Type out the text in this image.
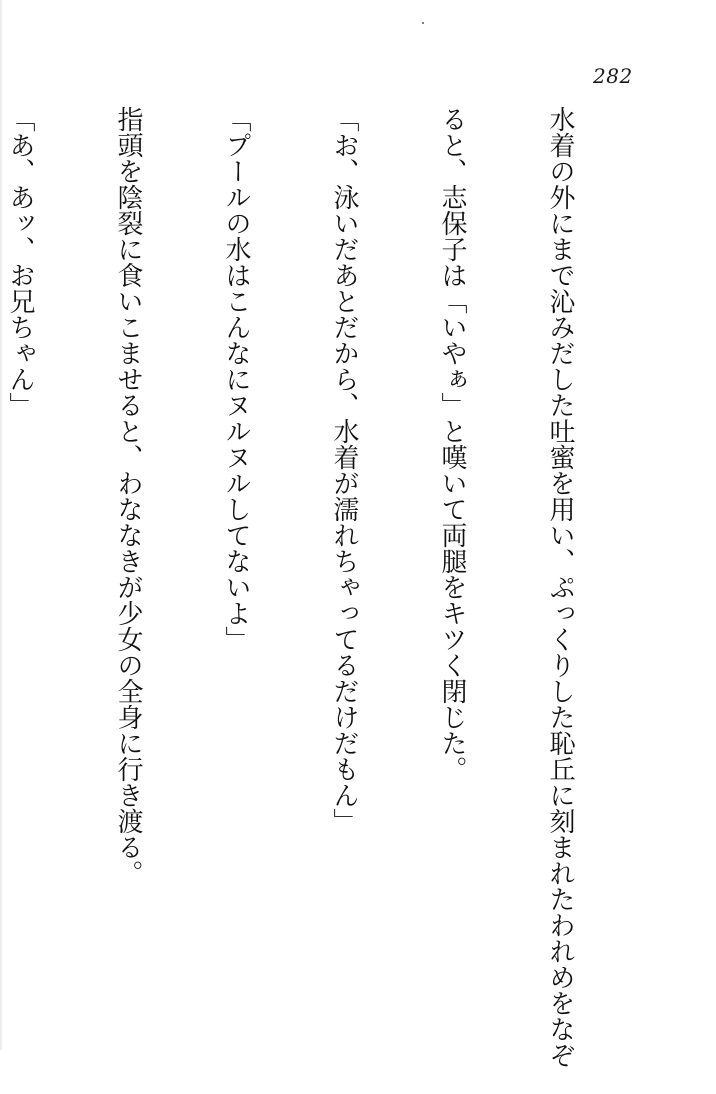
282

水着の外にまで沁みだした吐蜜を用い、ぷっくりした恥丘に刻まれたわれめをなぞ

ると、志保子は「いやぁ」と嘆いて両腿をキツく閉じた。

「お、泳いだあとだから、水着が濡れちゃってるだけだもん」

「プールの水はこんなにヌルヌルしてないよ」

指頭を陰裂に食いこませると、わななきが少女の全身に行き渡る。

「あ、あッ、お兄ちゃん」
